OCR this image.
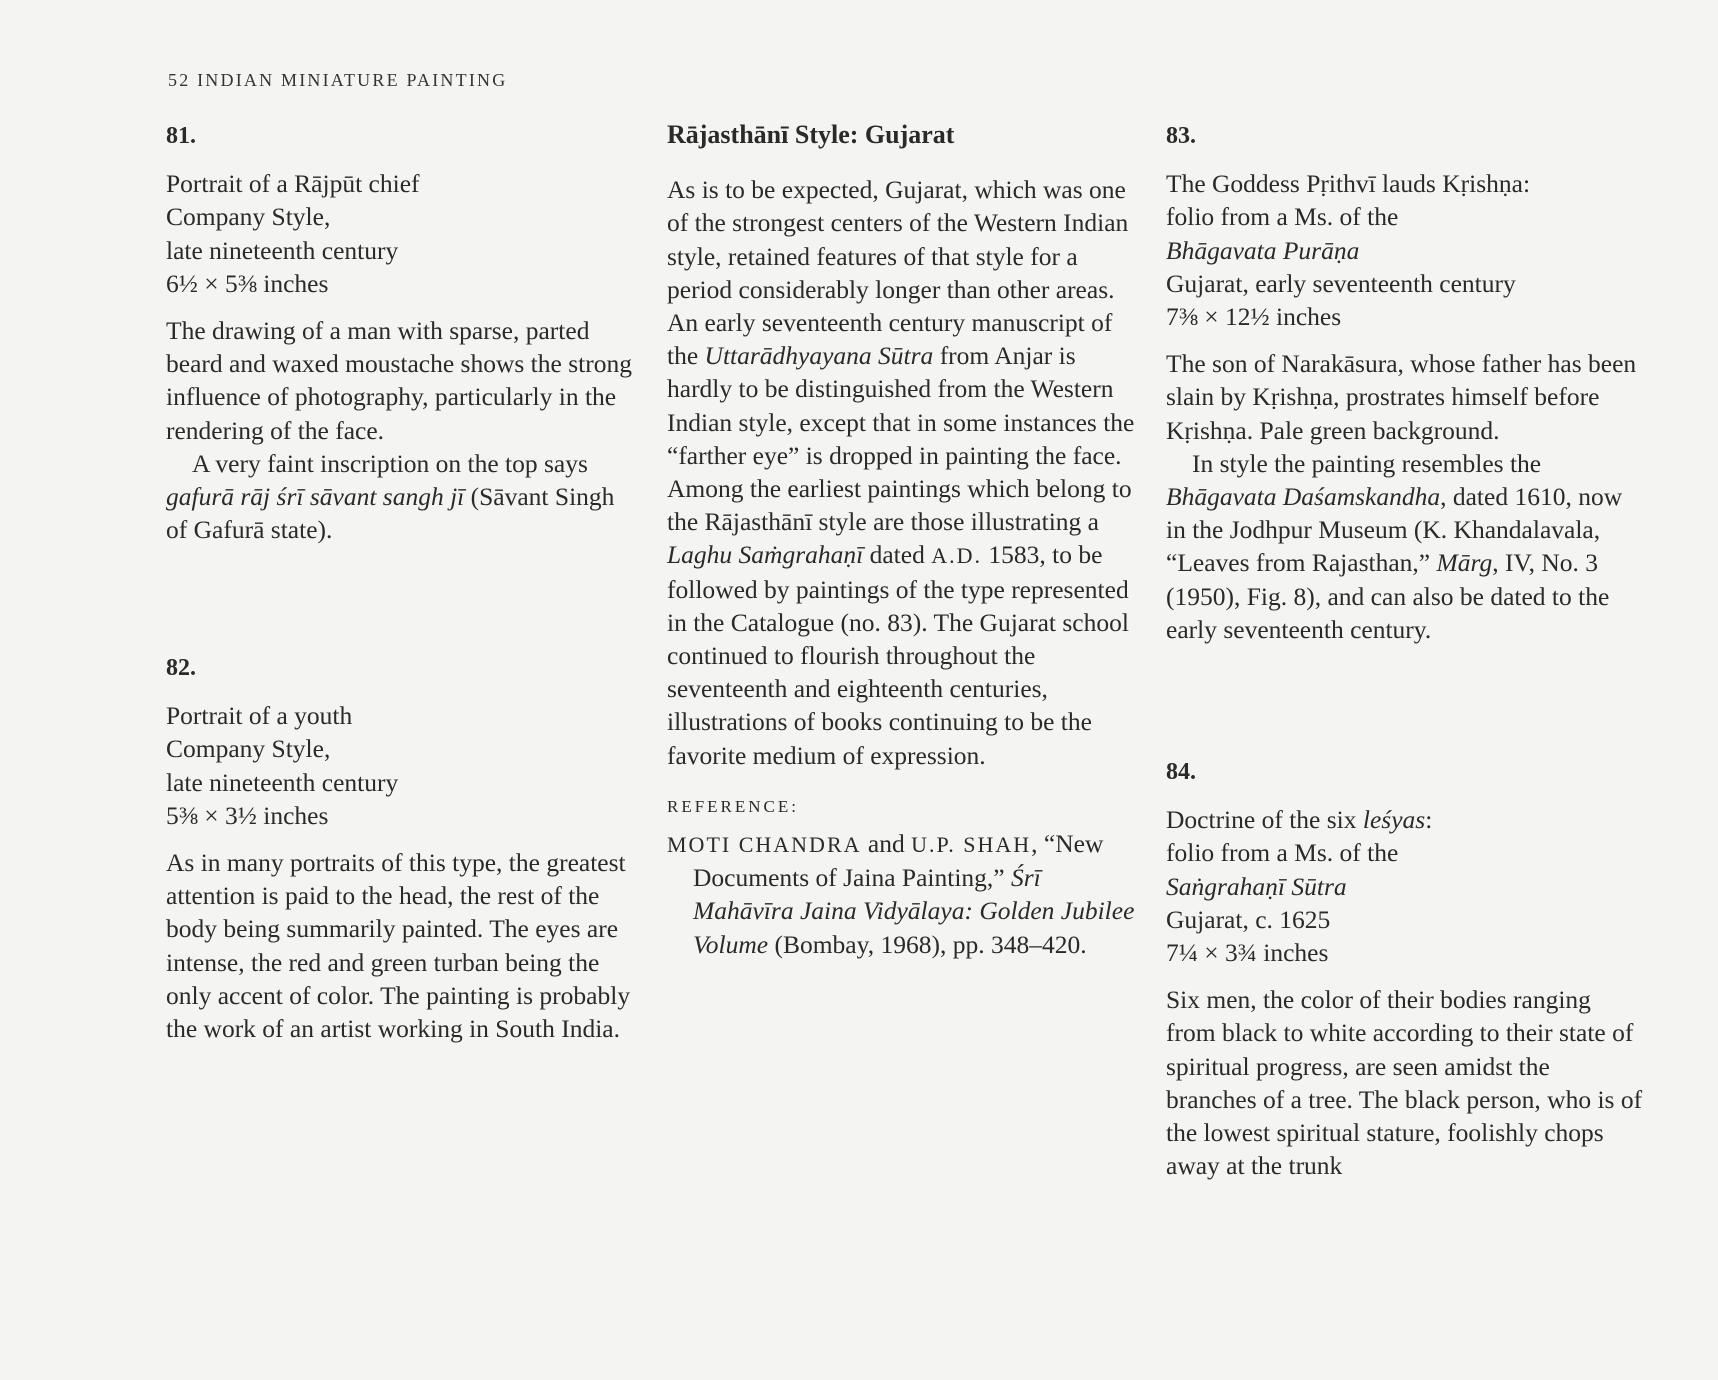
52 INDIAN MINIATURE PAINTING
81.
Portrait of a Rājpūt chief
Company Style,
late nineteenth century
6½ × 5⅜ inches

The drawing of a man with sparse, parted beard and waxed moustache shows the strong influence of photography, particularly in the rendering of the face.

A very faint inscription on the top says gafurā rāj śrī sāvant sangh jī (Sāvant Singh of Gafurā state).

82.
Portrait of a youth
Company Style,
late nineteenth century
5⅜ × 3½ inches

As in many portraits of this type, the greatest attention is paid to the head, the rest of the body being summarily painted. The eyes are intense, the red and green turban being the only accent of color. The painting is probably the work of an artist working in South India.

Rājasthānī Style: Gujarat

As is to be expected, Gujarat, which was one of the strongest centers of the Western Indian style, retained features of that style for a period considerably longer than other areas. An early seventeenth century manuscript of the Uttarādhyayana Sūtra from Anjar is hardly to be distinguished from the Western Indian style, except that in some instances the “farther eye” is dropped in painting the face. Among the earliest paintings which belong to the Rājasthānī style are those illustrating a Laghu Saṁgrahaṇī dated A.D. 1583, to be followed by paintings of the type represented in the Catalogue (no. 83). The Gujarat school continued to flourish throughout the seventeenth and eighteenth centuries, illustrations of books continuing to be the favorite medium of expression.

REFERENCE:

MOTI CHANDRA and U.P. SHAH, “New Documents of Jaina Painting,” Śrī Mahāvīra Jaina Vidyālaya: Golden Jubilee Volume (Bombay, 1968), pp. 348–420.

83.
The Goddess Pṛithvī lauds Kṛishṇa:
folio from a Ms. of the
Bhāgavata Purāṇa
Gujarat, early seventeenth century
7⅜ × 12½ inches

The son of Narakāsura, whose father has been slain by Kṛishṇa, prostrates himself before Kṛishṇa. Pale green background.

In style the painting resembles the Bhāgavata Daśamskandha, dated 1610, now in the Jodhpur Museum (K. Khandalavala, “Leaves from Rajasthan,” Mārg, IV, No. 3 (1950), Fig. 8), and can also be dated to the early seventeenth century.

84.
Doctrine of the six leśyas:
folio from a Ms. of the
Saṅgrahaṇī Sūtra
Gujarat, c. 1625
7¼ × 3¾ inches

Six men, the color of their bodies ranging from black to white according to their state of spiritual progress, are seen amidst the branches of a tree. The black person, who is of the lowest spiritual stature, foolishly chops away at the trunk
